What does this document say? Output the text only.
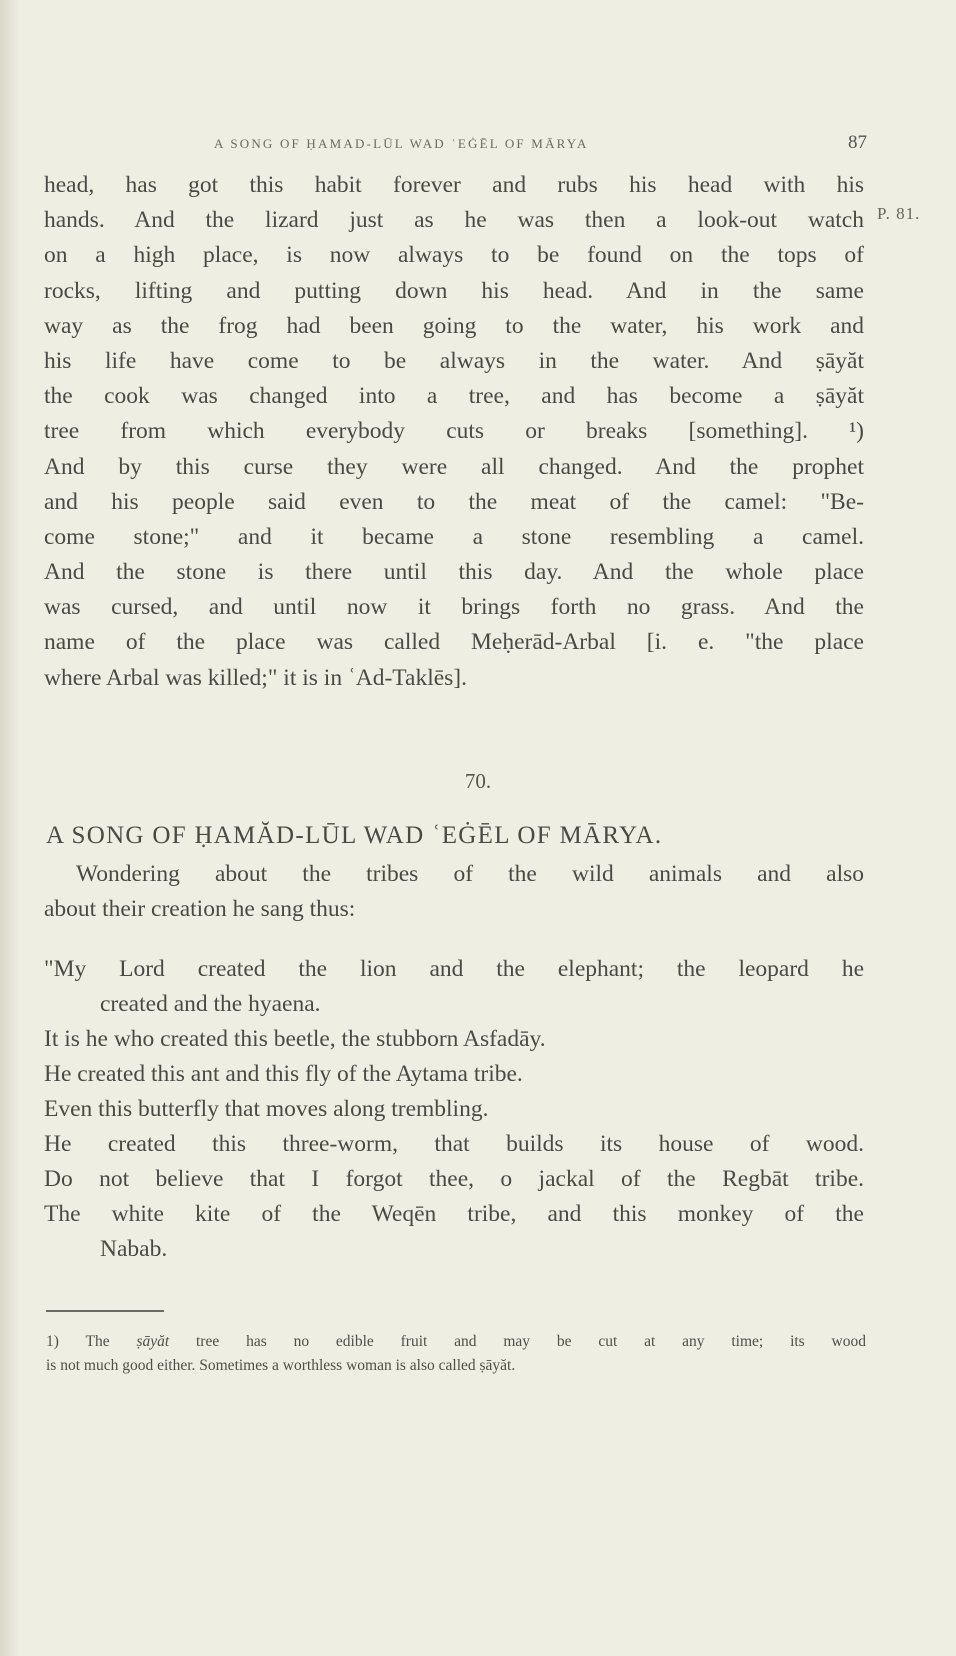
A SONG OF ḤAMAD-LŪL WAD ʿEĠĒL OF MĀRYA	87
P. 81.
head, has got this habit forever and rubs his head with his
hands. And the lizard just as he was then a look-out watch
on a high place, is now always to be found on the tops of
rocks, lifting and putting down his head. And in the same
way as the frog had been going to the water, his work and
his life have come to be always in the water. And ṣāyăt
the cook was changed into a tree, and has become a ṣāyăt
tree from which everybody cuts or breaks [something]. ¹)
And by this curse they were all changed. And the prophet
and his people said even to the meat of the camel: "Be-
come stone;" and it became a stone resembling a camel.
And the stone is there until this day. And the whole place
was cursed, and until now it brings forth no grass. And the
name of the place was called Meḥerād-Arbal [i. e. "the place
where Arbal was killed;" it is in ʿAd-Taklēs].
70.
A SONG OF ḤAMĂD-LŪL WAD ʿEĠĒL OF MĀRYA.
Wondering about the tribes of the wild animals and also
about their creation he sang thus:
"My Lord created the lion and the elephant; the leopard he
created and the hyaena.
It is he who created this beetle, the stubborn Asfadāy.
He created this ant and this fly of the Aytama tribe.
Even this butterfly that moves along trembling.
He created this three-worm, that builds its house of wood.
Do not believe that I forgot thee, o jackal of the Regbāt tribe.
The white kite of the Weqēn tribe, and this monkey of the
Nabab.
1) The ṣāyăt tree has no edible fruit and may be cut at any time; its wood
is not much good either. Sometimes a worthless woman is also called ṣāyăt.
